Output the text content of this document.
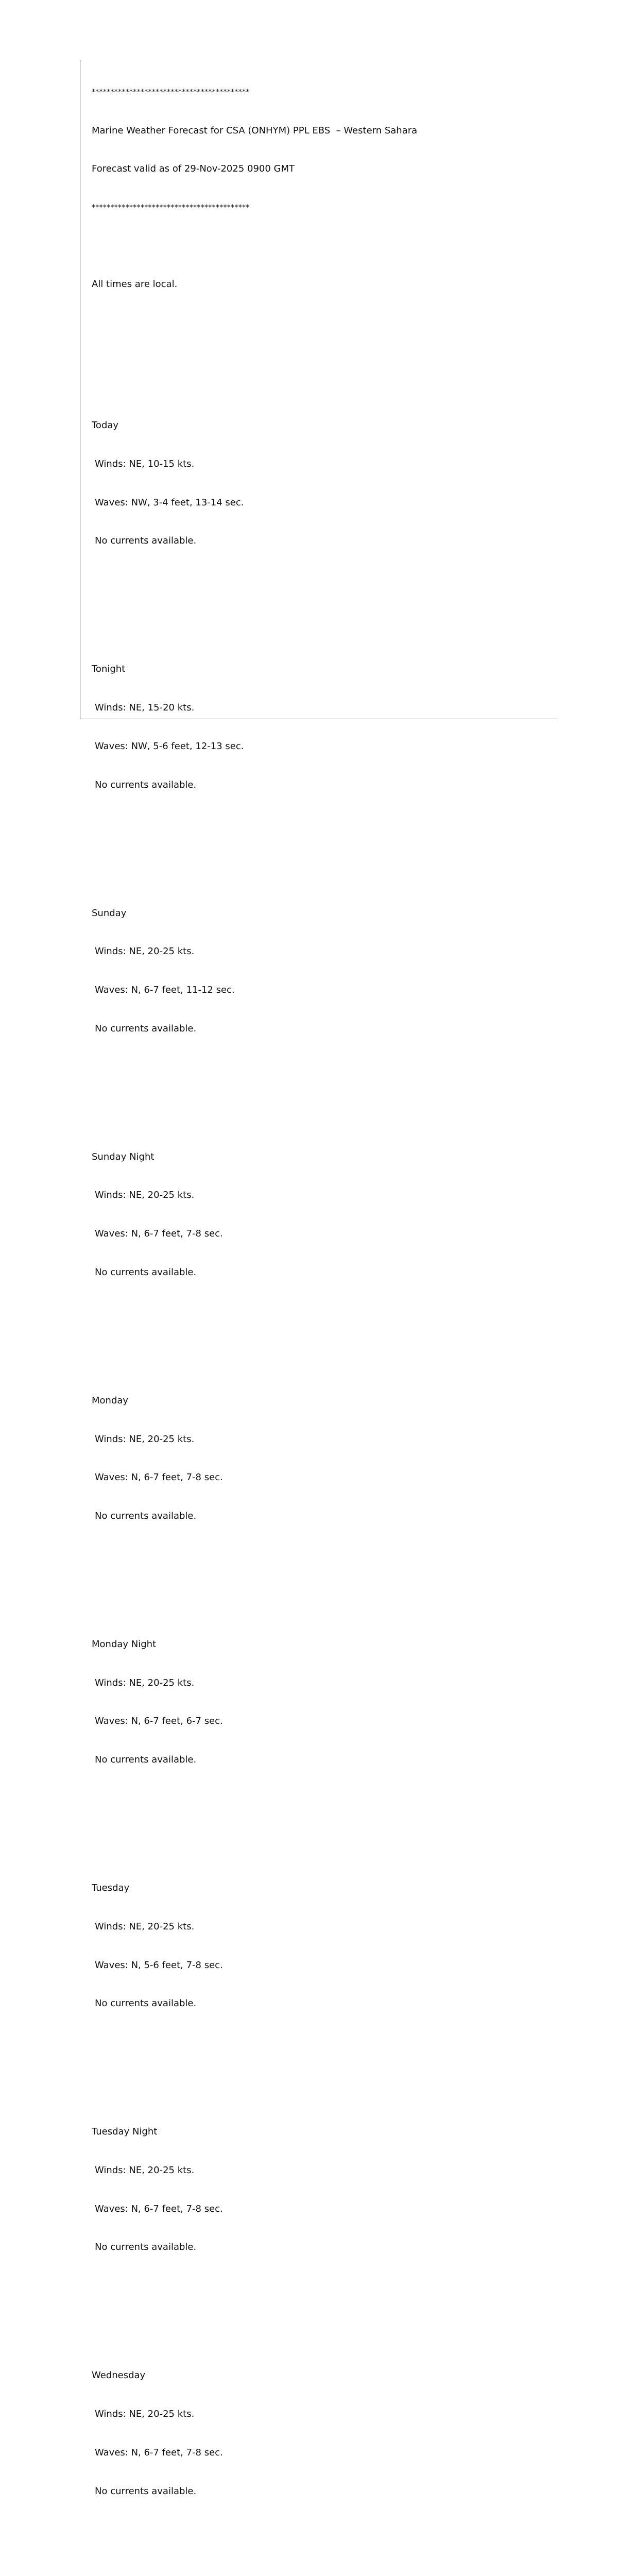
******************************************

Marine Weather Forecast for CSA (ONHYM) PPL EBS  – Western Sahara

Forecast valid as of 29-Nov-2025 0900 GMT

******************************************

All times are local.

Today

Winds: NE, 10-15 kts.

Waves: NW, 3-4 feet, 13-14 sec.

No currents available.

Tonight

Winds: NE, 15-20 kts.

Waves: NW, 5-6 feet, 12-13 sec.

No currents available.

Sunday

Winds: NE, 20-25 kts.

Waves: N, 6-7 feet, 11-12 sec.

No currents available.

Sunday Night

Winds: NE, 20-25 kts.

Waves: N, 6-7 feet, 7-8 sec.

No currents available.

Monday

Winds: NE, 20-25 kts.

Waves: N, 6-7 feet, 7-8 sec.

No currents available.

Monday Night

Winds: NE, 20-25 kts.

Waves: N, 6-7 feet, 6-7 sec.

No currents available.

Tuesday

Winds: NE, 20-25 kts.

Waves: N, 5-6 feet, 7-8 sec.

No currents available.

Tuesday Night

Winds: NE, 20-25 kts.

Waves: N, 6-7 feet, 7-8 sec.

No currents available.

Wednesday

Winds: NE, 20-25 kts.

Waves: N, 6-7 feet, 7-8 sec.

No currents available.
